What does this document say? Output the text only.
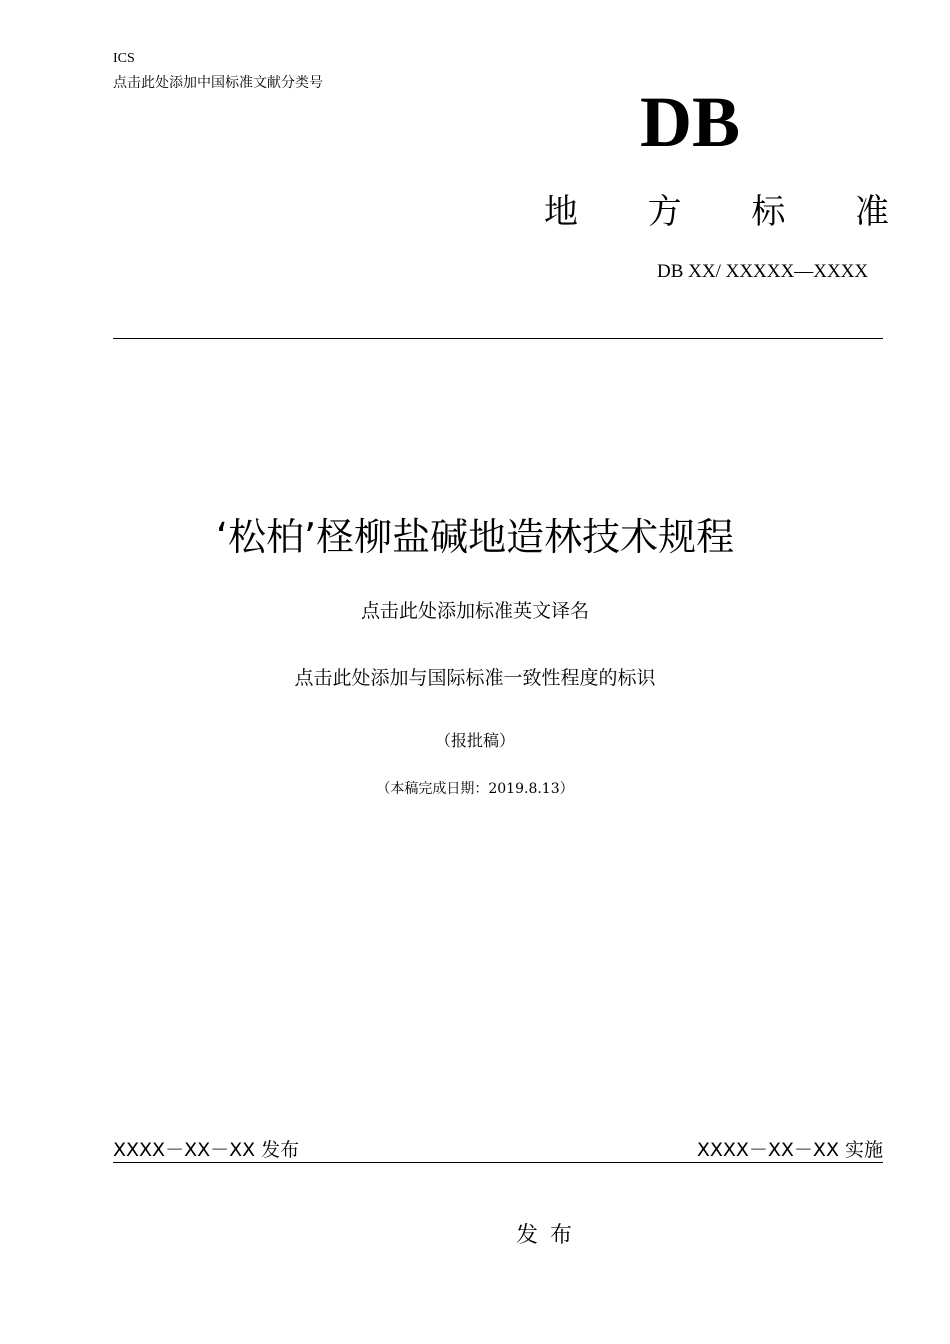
ICS
点击此处添加中国标准文献分类号	DB
地 方 标 准
DB XX/ XXXXX—XXXX
‘松柏’柽柳盐碱地造林技术规程
点击此处添加标准英文译名
点击此处添加与国际标准一致性程度的标识
（报批稿）
（本稿完成日期：2019.8.13）
XXXX－XX－XX 发布	XXXX－XX－XX 实施
发布
